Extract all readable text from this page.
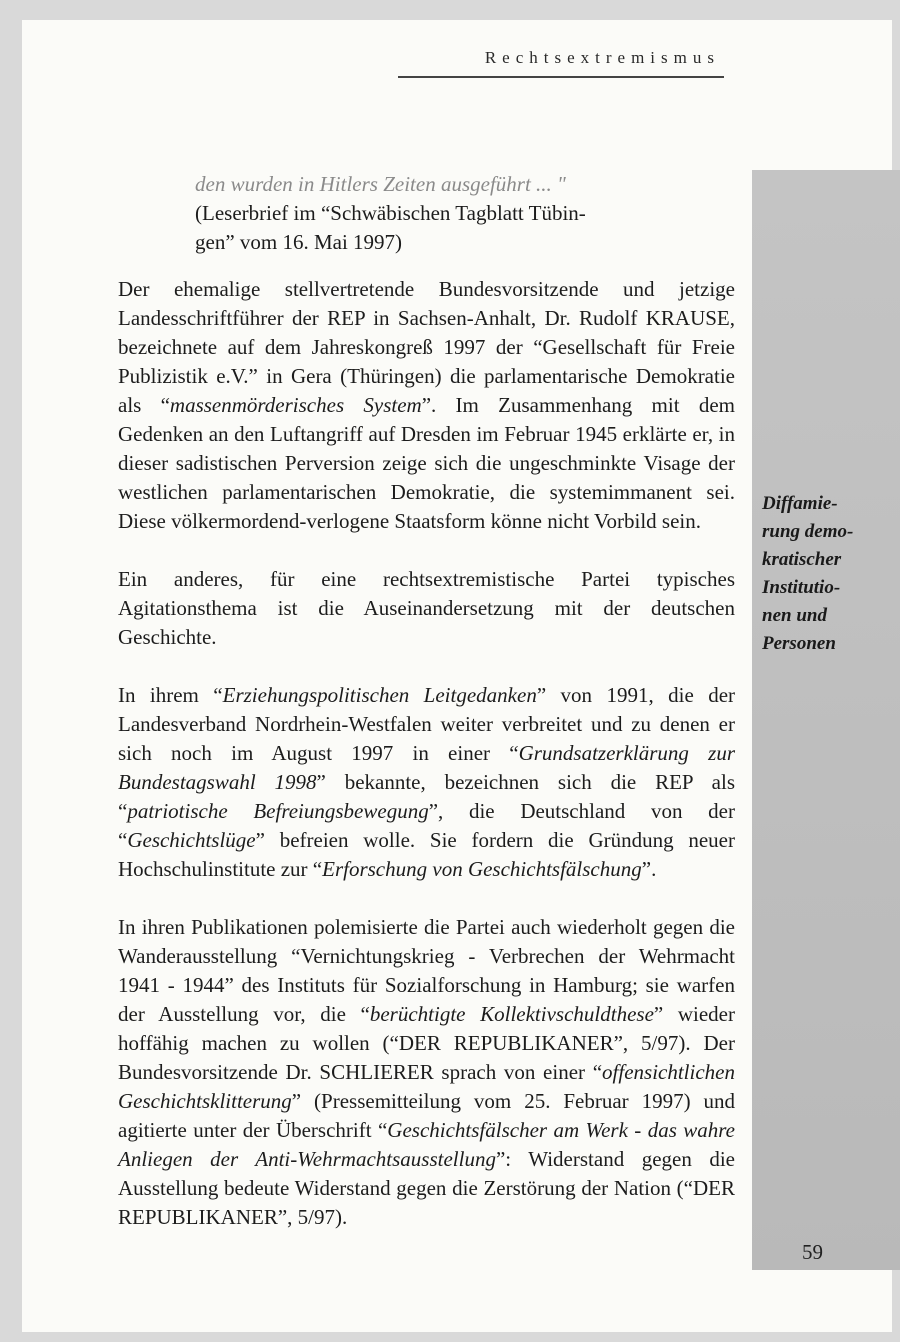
Rechtsextremismus
den wurden in Hitlers Zeiten ausgeführt ... "
(Leserbrief im “Schwäbischen Tagblatt Tübin-
gen” vom 16. Mai 1997)

Der ehemalige stellvertretende Bundesvorsitzende und jetzige Landesschriftführer der REP in Sachsen-Anhalt, Dr. Rudolf KRAUSE, bezeichnete auf dem Jahreskongreß 1997 der “Gesellschaft für Freie Publizistik e.V.” in Gera (Thüringen) die parlamentarische Demokratie als “massenmörderisches System”. Im Zusammenhang mit dem Gedenken an den Luftangriff auf Dresden im Februar 1945 erklärte er, in dieser sadistischen Perversion zeige sich die ungeschminkte Visage der westlichen parlamentarischen Demokratie, die systemimmanent sei. Diese völkermordend-verlogene Staatsform könne nicht Vorbild sein.

Ein anderes, für eine rechtsextremistische Partei typisches Agitationsthema ist die Auseinandersetzung mit der deutschen Geschichte.

In ihrem “Erziehungspolitischen Leitgedanken” von 1991, die der Landesverband Nordrhein-Westfalen weiter verbreitet und zu denen er sich noch im August 1997 in einer “Grundsatzerklärung zur Bundestagswahl 1998” bekannte, bezeichnen sich die REP als “patriotische Befreiungsbewegung”, die Deutschland von der “Geschichtslüge” befreien wolle. Sie fordern die Gründung neuer Hochschulinstitute zur “Erforschung von Geschichtsfälschung”.

In ihren Publikationen polemisierte die Partei auch wiederholt gegen die Wanderausstellung “Vernichtungskrieg - Verbrechen der Wehrmacht 1941 - 1944” des Instituts für Sozialforschung in Hamburg; sie warfen der Ausstellung vor, die “berüchtigte Kollektivschuldthese” wieder hoffähig machen zu wollen (“DER REPUBLIKANER”, 5/97). Der Bundesvorsitzende Dr. SCHLIERER sprach von einer “offensichtlichen Geschichtsklitterung” (Pressemitteilung vom 25. Februar 1997) und agitierte unter der Überschrift “Geschichtsfälscher am Werk - das wahre Anliegen der Anti-Wehrmachtsausstellung”: Widerstand gegen die Ausstellung bedeute Widerstand gegen die Zerstörung der Nation (“DER REPUBLIKANER”, 5/97).

Diffamie-
rung demo-
kratischer
Institutio-
nen und
Personen
59
